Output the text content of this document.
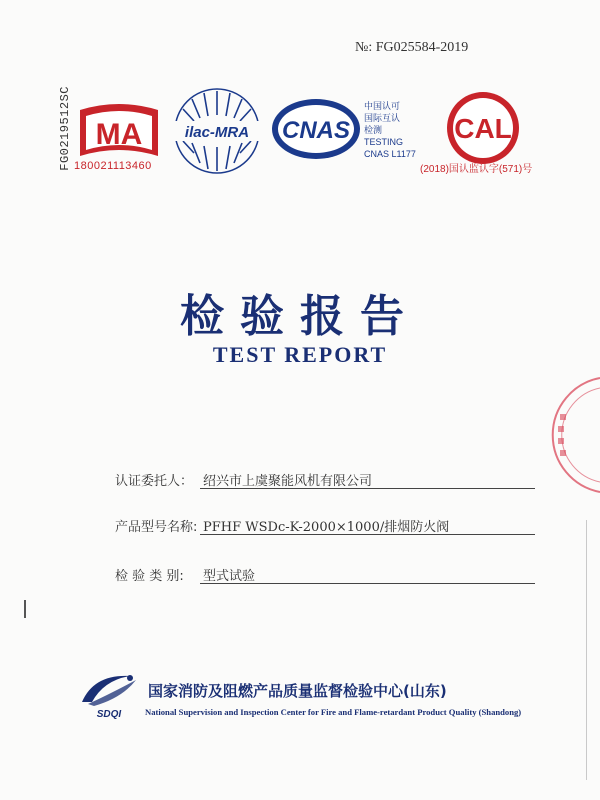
№: FG025584-2019
FG0219512SC MA
180021113460
ilac-MRA CNAS
中国认可
国际互认
检测
TESTING
CNAS L1177
CAL
(2018)国认监认字(571)号
检验报告
TEST REPORT
认证委托人： 绍兴市上虞聚能风机有限公司
产品型号名称: PFHF WSDc-K-2000×1000/排烟防火阀
检 验 类 别:	型式试验
SDQI
国家消防及阻燃产品质量监督检验中心(山东)
National Supervision and Inspection Center for Fire and Flame-retardant Product Quality (Shandong)
